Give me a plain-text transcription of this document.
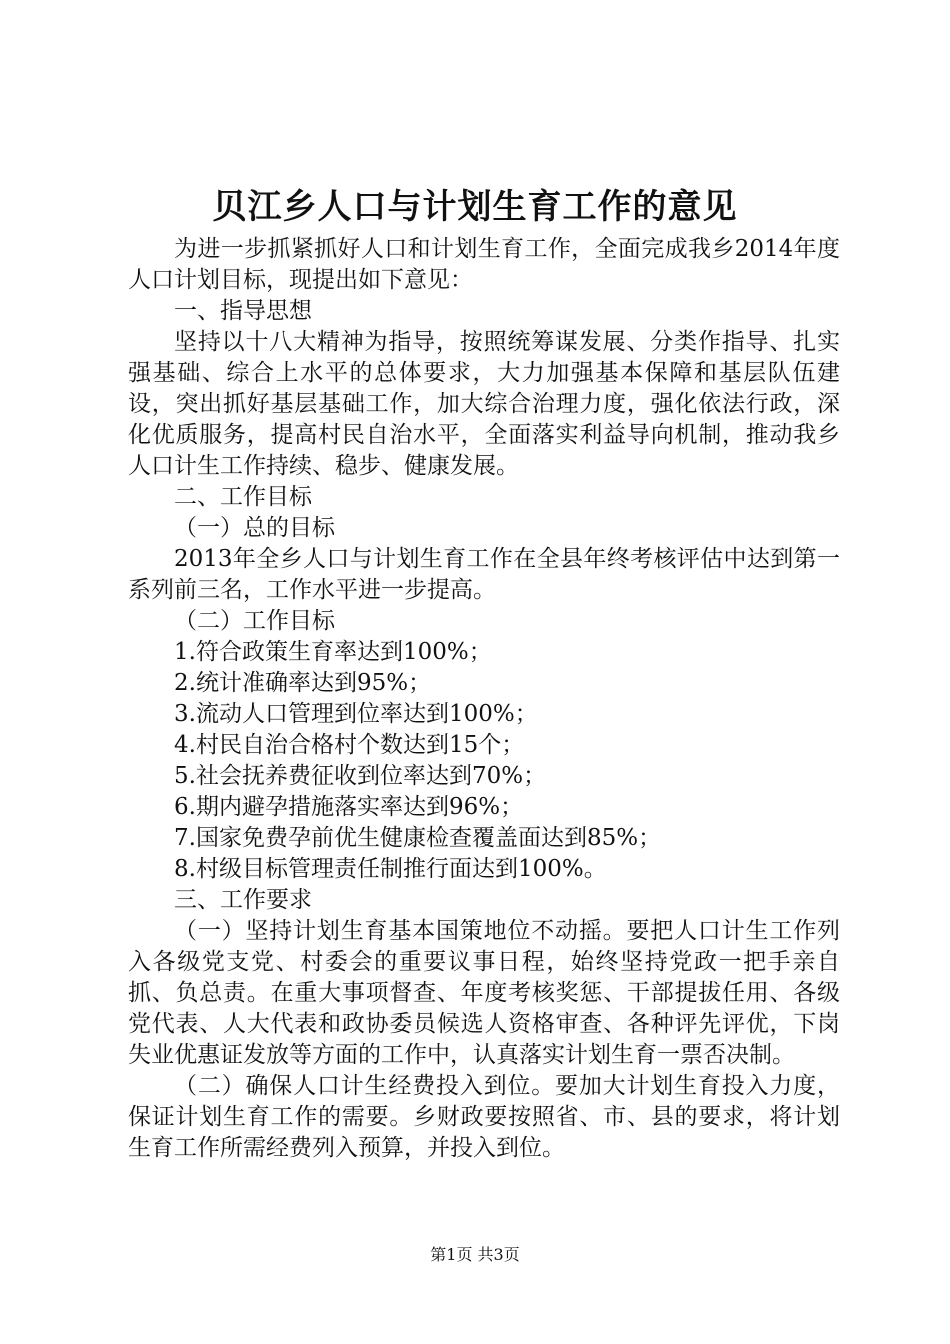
贝江乡人口与计划生育工作的意见

为进一步抓紧抓好人口和计划生育工作，全面完成我乡2014年度人口计划目标，现提出如下意见：

一、指导思想

坚持以十八大精神为指导，按照统筹谋发展、分类作指导、扎实强基础、综合上水平的总体要求，大力加强基本保障和基层队伍建设，突出抓好基层基础工作，加大综合治理力度，强化依法行政，深化优质服务，提高村民自治水平，全面落实利益导向机制，推动我乡人口计生工作持续、稳步、健康发展。

二、工作目标

（一）总的目标

2013年全乡人口与计划生育工作在全县年终考核评估中达到第一系列前三名，工作水平进一步提高。

（二）工作目标

1.符合政策生育率达到100%；

2.统计准确率达到95%；

3.流动人口管理到位率达到100%；

4.村民自治合格村个数达到15个；

5.社会抚养费征收到位率达到70%；

6.期内避孕措施落实率达到96%；

7.国家免费孕前优生健康检查覆盖面达到85%；

8.村级目标管理责任制推行面达到100%。

三、工作要求

（一）坚持计划生育基本国策地位不动摇。要把人口计生工作列入各级党支党、村委会的重要议事日程，始终坚持党政一把手亲自抓、负总责。在重大事项督查、年度考核奖惩、干部提拔任用、各级党代表、人大代表和政协委员候选人资格审查、各种评先评优，下岗失业优惠证发放等方面的工作中，认真落实计划生育一票否决制。

（二）确保人口计生经费投入到位。要加大计划生育投入力度，保证计划生育工作的需要。乡财政要按照省、市、县的要求，将计划生育工作所需经费列入预算，并投入到位。

第1页 共3页
